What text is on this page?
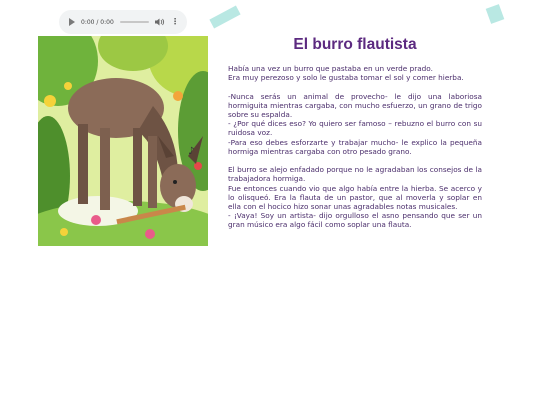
0:00 / 0:00	⋮
♪
El burro flautista

Había una vez un burro que pastaba en un verde prado.

Era muy perezoso y solo le gustaba tomar el sol y comer hierba.

-Nunca serás un animal de provecho- le dijo una laboriosa hormiguita mientras cargaba, con mucho esfuerzo, un grano de trigo sobre su espalda.

- ¿Por qué dices eso? Yo quiero ser famoso – rebuzno el burro con su ruidosa voz.

-Para eso debes esforzarte y trabajar mucho- le explico la pequeña hormiga mientras cargaba con otro pesado grano.

El burro se alejo enfadado porque no le agradaban los consejos de la trabajadora hormiga.

Fue entonces cuando vio que algo había entre la hierba. Se acerco y lo olisqueó. Era la flauta de un pastor, que al moverla y soplar en ella con el hocico hizo sonar unas agradables notas musicales.

- ¡Vaya! Soy un artista- dijo orgulloso el asno pensando que ser un gran músico era algo fácil como soplar una flauta.
